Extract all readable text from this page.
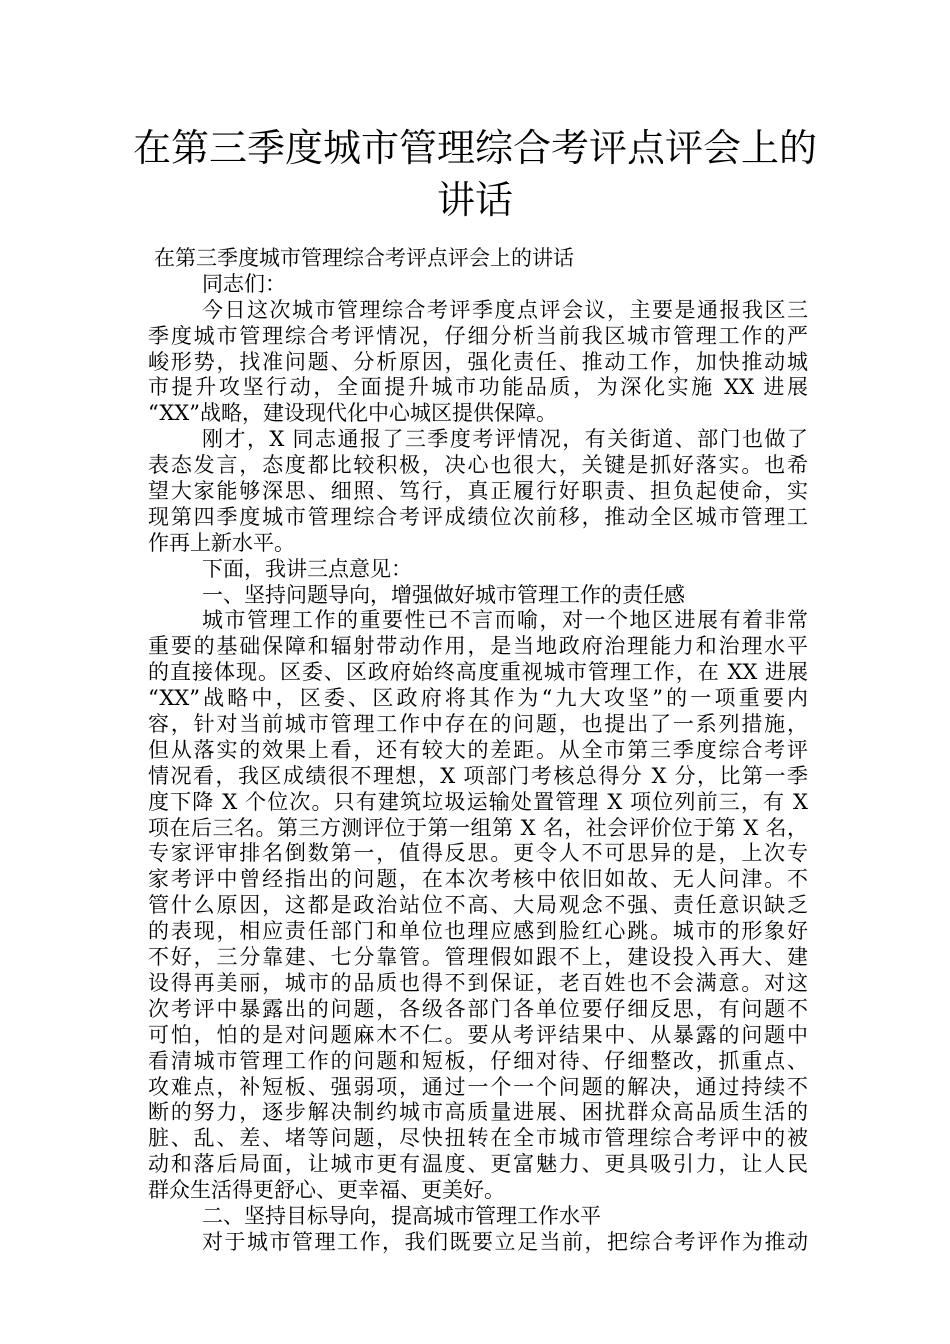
在第三季度城市管理综合考评点评会上的
讲话
在第三季度城市管理综合考评点评会上的讲话
同志们：
今日这次城市管理综合考评季度点评会议，主要是通报我区三
季度城市管理综合考评情况，仔细分析当前我区城市管理工作的严
峻形势，找准问题、分析原因，强化责任、推动工作，加快推动城
市提升攻坚行动，全面提升城市功能品质，为深化实施 XX 进展
“XX”战略，建设现代化中心城区提供保障。
刚才，X 同志通报了三季度考评情况，有关街道、部门也做了
表态发言，态度都比较积极，决心也很大，关键是抓好落实。也希
望大家能够深思、细照、笃行，真正履行好职责、担负起使命，实
现第四季度城市管理综合考评成绩位次前移，推动全区城市管理工
作再上新水平。
下面，我讲三点意见：
一、坚持问题导向，增强做好城市管理工作的责任感
城市管理工作的重要性已不言而喻，对一个地区进展有着非常
重要的基础保障和辐射带动作用，是当地政府治理能力和治理水平
的直接体现。区委、区政府始终高度重视城市管理工作，在 XX 进展
“XX”战略中，区委、区政府将其作为“九大攻坚”的一项重要内
容，针对当前城市管理工作中存在的问题，也提出了一系列措施，
但从落实的效果上看，还有较大的差距。从全市第三季度综合考评
情况看，我区成绩很不理想，X 项部门考核总得分 X 分，比第一季
度下降 X 个位次。只有建筑垃圾运输处置管理 X 项位列前三，有 X
项在后三名。第三方测评位于第一组第 X 名，社会评价位于第 X 名，
专家评审排名倒数第一，值得反思。更令人不可思异的是，上次专
家考评中曾经指出的问题，在本次考核中依旧如故、无人问津。不
管什么原因，这都是政治站位不高、大局观念不强、责任意识缺乏
的表现，相应责任部门和单位也理应感到脸红心跳。城市的形象好
不好，三分靠建、七分靠管。管理假如跟不上，建设投入再大、建
设得再美丽，城市的品质也得不到保证，老百姓也不会满意。对这
次考评中暴露出的问题，各级各部门各单位要仔细反思，有问题不
可怕，怕的是对问题麻木不仁。要从考评结果中、从暴露的问题中
看清城市管理工作的问题和短板，仔细对待、仔细整改，抓重点、
攻难点，补短板、强弱项，通过一个一个问题的解决，通过持续不
断的努力，逐步解决制约城市高质量进展、困扰群众高品质生活的
脏、乱、差、堵等问题，尽快扭转在全市城市管理综合考评中的被
动和落后局面，让城市更有温度、更富魅力、更具吸引力，让人民
群众生活得更舒心、更幸福、更美好。
二、坚持目标导向，提高城市管理工作水平
对于城市管理工作，我们既要立足当前，把综合考评作为推动
